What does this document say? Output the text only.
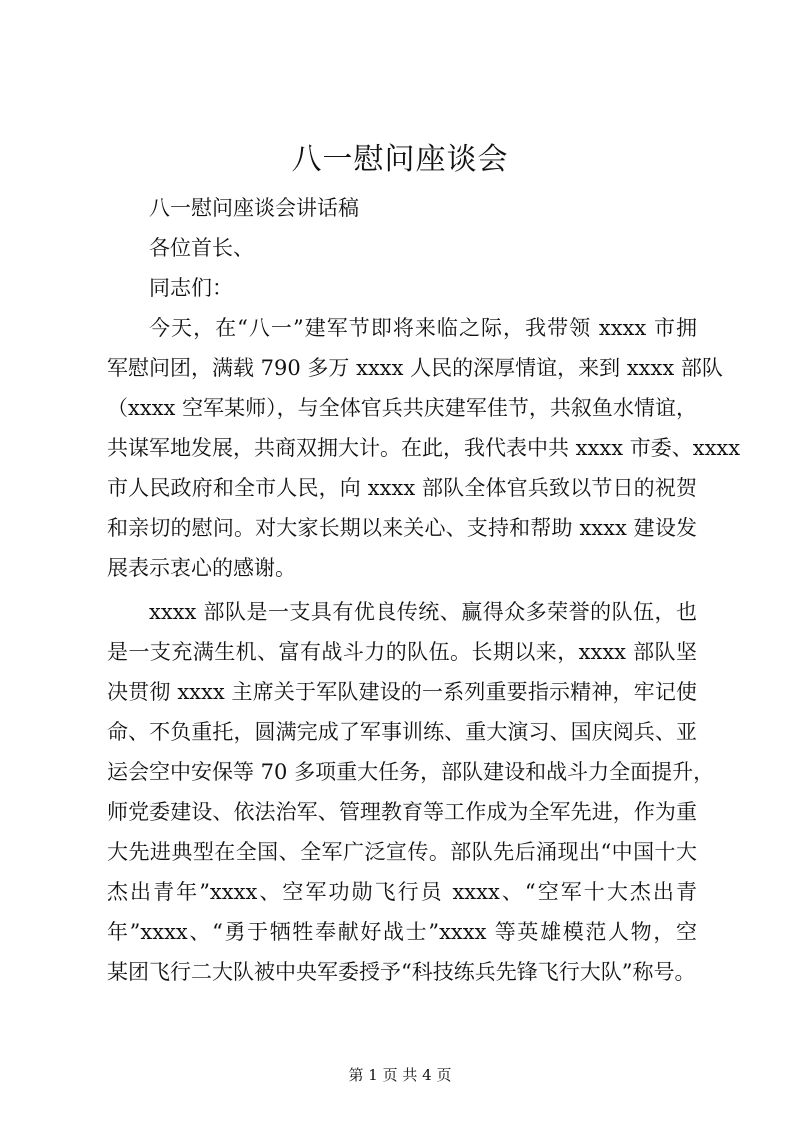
八一慰问座谈会
八一慰问座谈会讲话稿
各位首长、
同志们：
今天，在“八一”建军节即将来临之际，我带领 xxxx 市拥
军慰问团，满载 790 多万 xxxx 人民的深厚情谊，来到 xxxx 部队
（xxxx 空军某师），与全体官兵共庆建军佳节，共叙鱼水情谊，
共谋军地发展，共商双拥大计。在此，我代表中共 xxxx 市委、xxxx
市人民政府和全市人民，向 xxxx 部队全体官兵致以节日的祝贺
和亲切的慰问。对大家长期以来关心、支持和帮助 xxxx 建设发
展表示衷心的感谢。
xxxx 部队是一支具有优良传统、赢得众多荣誉的队伍，也
是一支充满生机、富有战斗力的队伍。长期以来，xxxx 部队坚
决贯彻 xxxx 主席关于军队建设的一系列重要指示精神，牢记使
命、不负重托，圆满完成了军事训练、重大演习、国庆阅兵、亚
运会空中安保等 70 多项重大任务，部队建设和战斗力全面提升，
师党委建设、依法治军、管理教育等工作成为全军先进，作为重
大先进典型在全国、全军广泛宣传。部队先后涌现出“中国十大
杰出青年”xxxx、空军功勋飞行员 xxxx、“空军十大杰出青
年”xxxx、“勇于牺牲奉献好战士”xxxx 等英雄模范人物，空
某团飞行二大队被中央军委授予“科技练兵先锋飞行大队”称号。
第 1 页 共 4 页
